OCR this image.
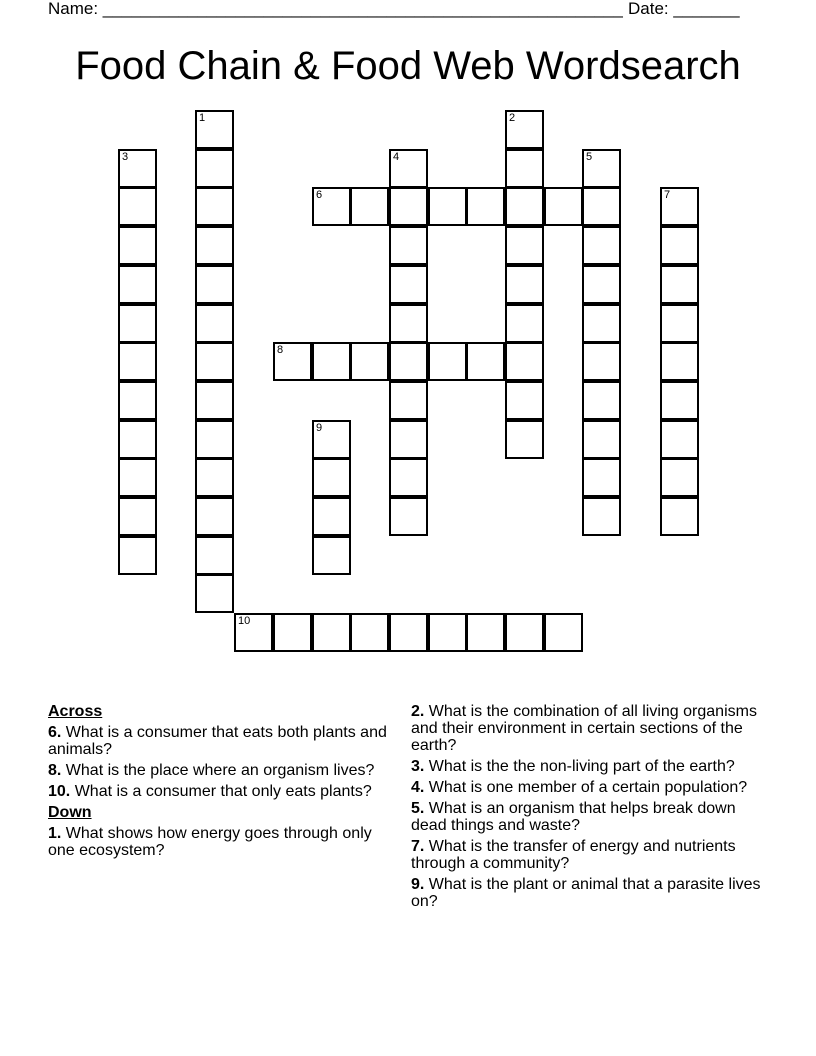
Name: _______________________________________________________ Date: _______
Food Chain & Food Web Wordsearch
1	2
3	4	5
6	7
8
9
10
Across
6. What is a consumer that eats both plants and animals?
8. What is the place where an organism lives?
10. What is a consumer that only eats plants?
Down
1. What shows how energy goes through only one ecosystem?
2. What is the combination of all living organisms and their environment in certain sections of the earth?
3. What is the the non-living part of the earth?
4. What is one member of a certain population?
5. What is an organism that helps break down dead things and waste?
7. What is the transfer of energy and nutrients through a community?
9. What is the plant or animal that a parasite lives on?
